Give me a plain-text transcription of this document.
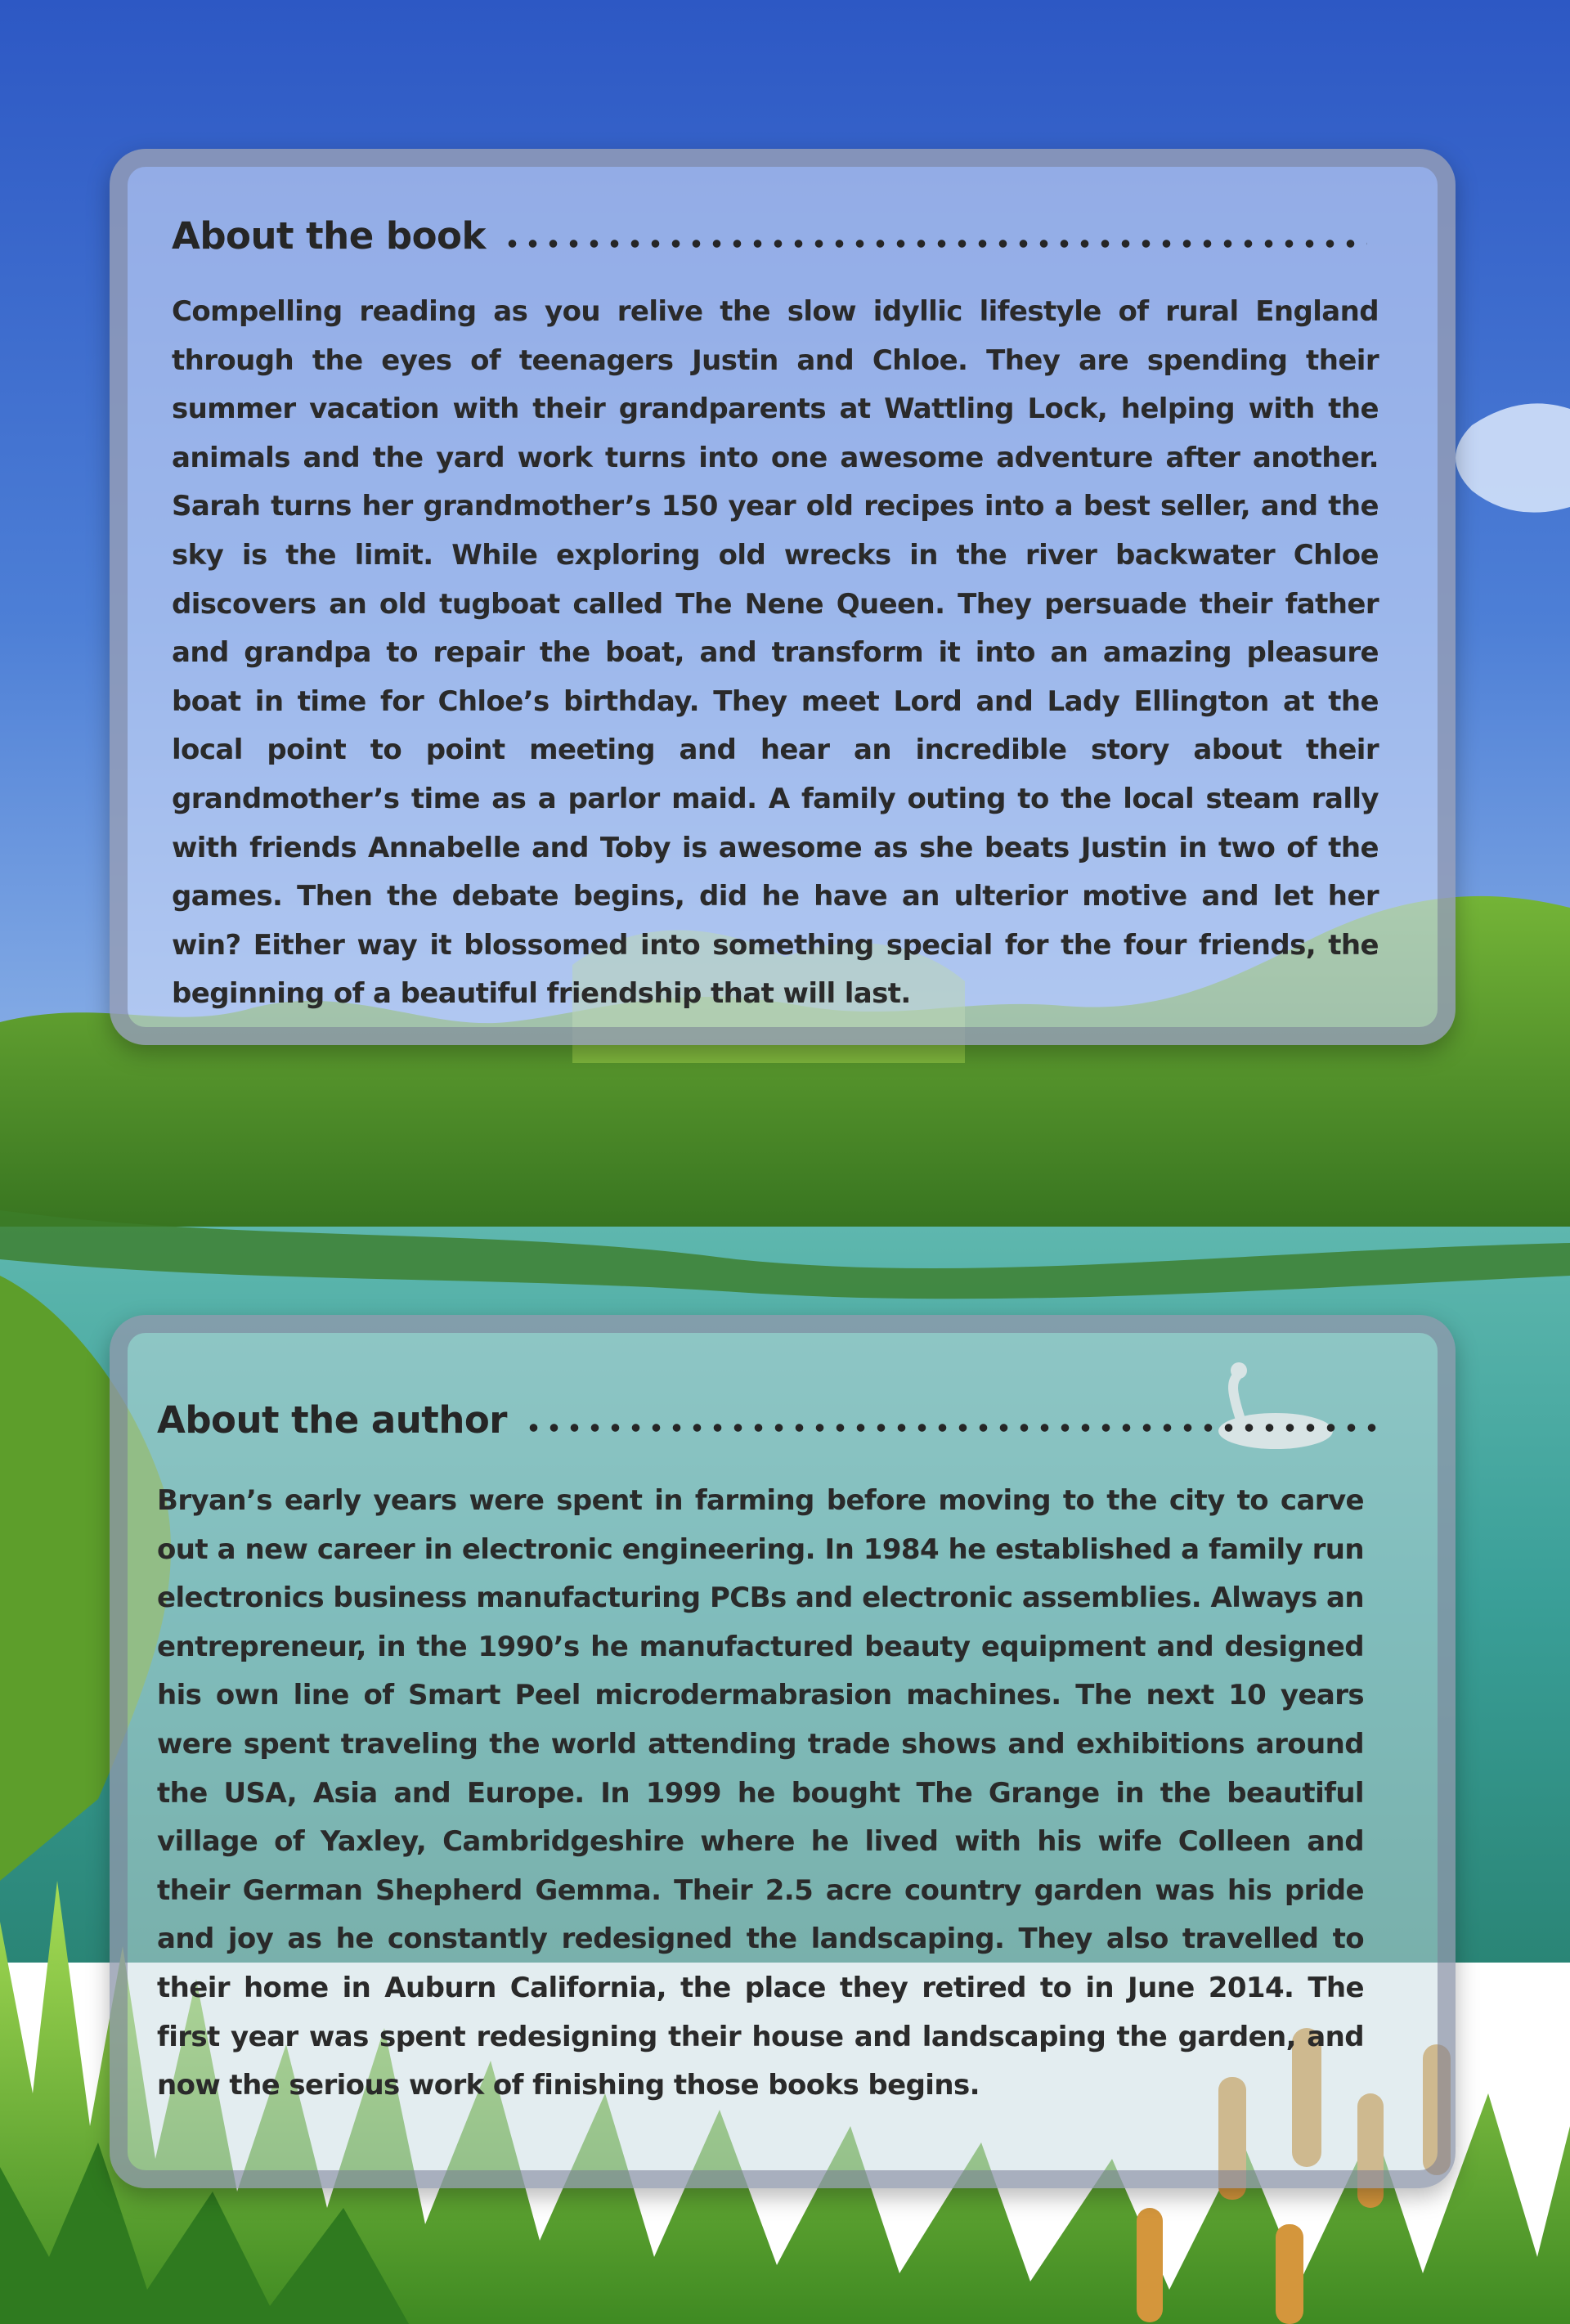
About the book

Compelling reading as you relive the slow idyllic lifestyle of rural England through the eyes of teenagers Justin and Chloe. They are spending their summer vacation with their grandparents at Wattling Lock, helping with the animals and the yard work turns into one awesome adventure after another. Sarah turns her grandmother’s 150 year old recipes into a best seller, and the sky is the limit. While exploring old wrecks in the river backwater Chloe discovers an old tugboat called The Nene Queen. They persuade their father and grandpa to repair the boat, and transform it into an amazing pleasure boat in time for Chloe’s birthday. They meet Lord and Lady Ellington at the local point to point meeting and hear an incredible story about their grandmother’s time as a parlor maid. A family outing to the local steam rally with friends Annabelle and Toby is awesome as she beats Justin in two of the games. Then the debate begins, did he have an ulterior motive and let her win? Either way it blossomed into something special for the four friends, the beginning of a beautiful friendship that will last.

About the author

Bryan’s early years were spent in farming before moving to the city to carve out a new career in electronic engineering. In 1984 he established a family run electronics business manufacturing PCBs and electronic assemblies. Always an entrepreneur, in the 1990’s he manufactured beauty equipment and designed his own line of Smart Peel microdermabrasion machines. The next 10 years were spent traveling the world attending trade shows and exhibitions around the USA, Asia and Europe. In 1999 he bought The Grange in the beautiful village of Yaxley, Cambridgeshire where he lived with his wife Colleen and their German Shepherd Gemma. Their 2.5 acre country garden was his pride and joy as he constantly redesigned the landscaping. They also travelled to their home in Auburn California, the place they retired to in June 2014. The first year was spent redesigning their house and landscaping the garden, and now the serious work of finishing those books begins.
